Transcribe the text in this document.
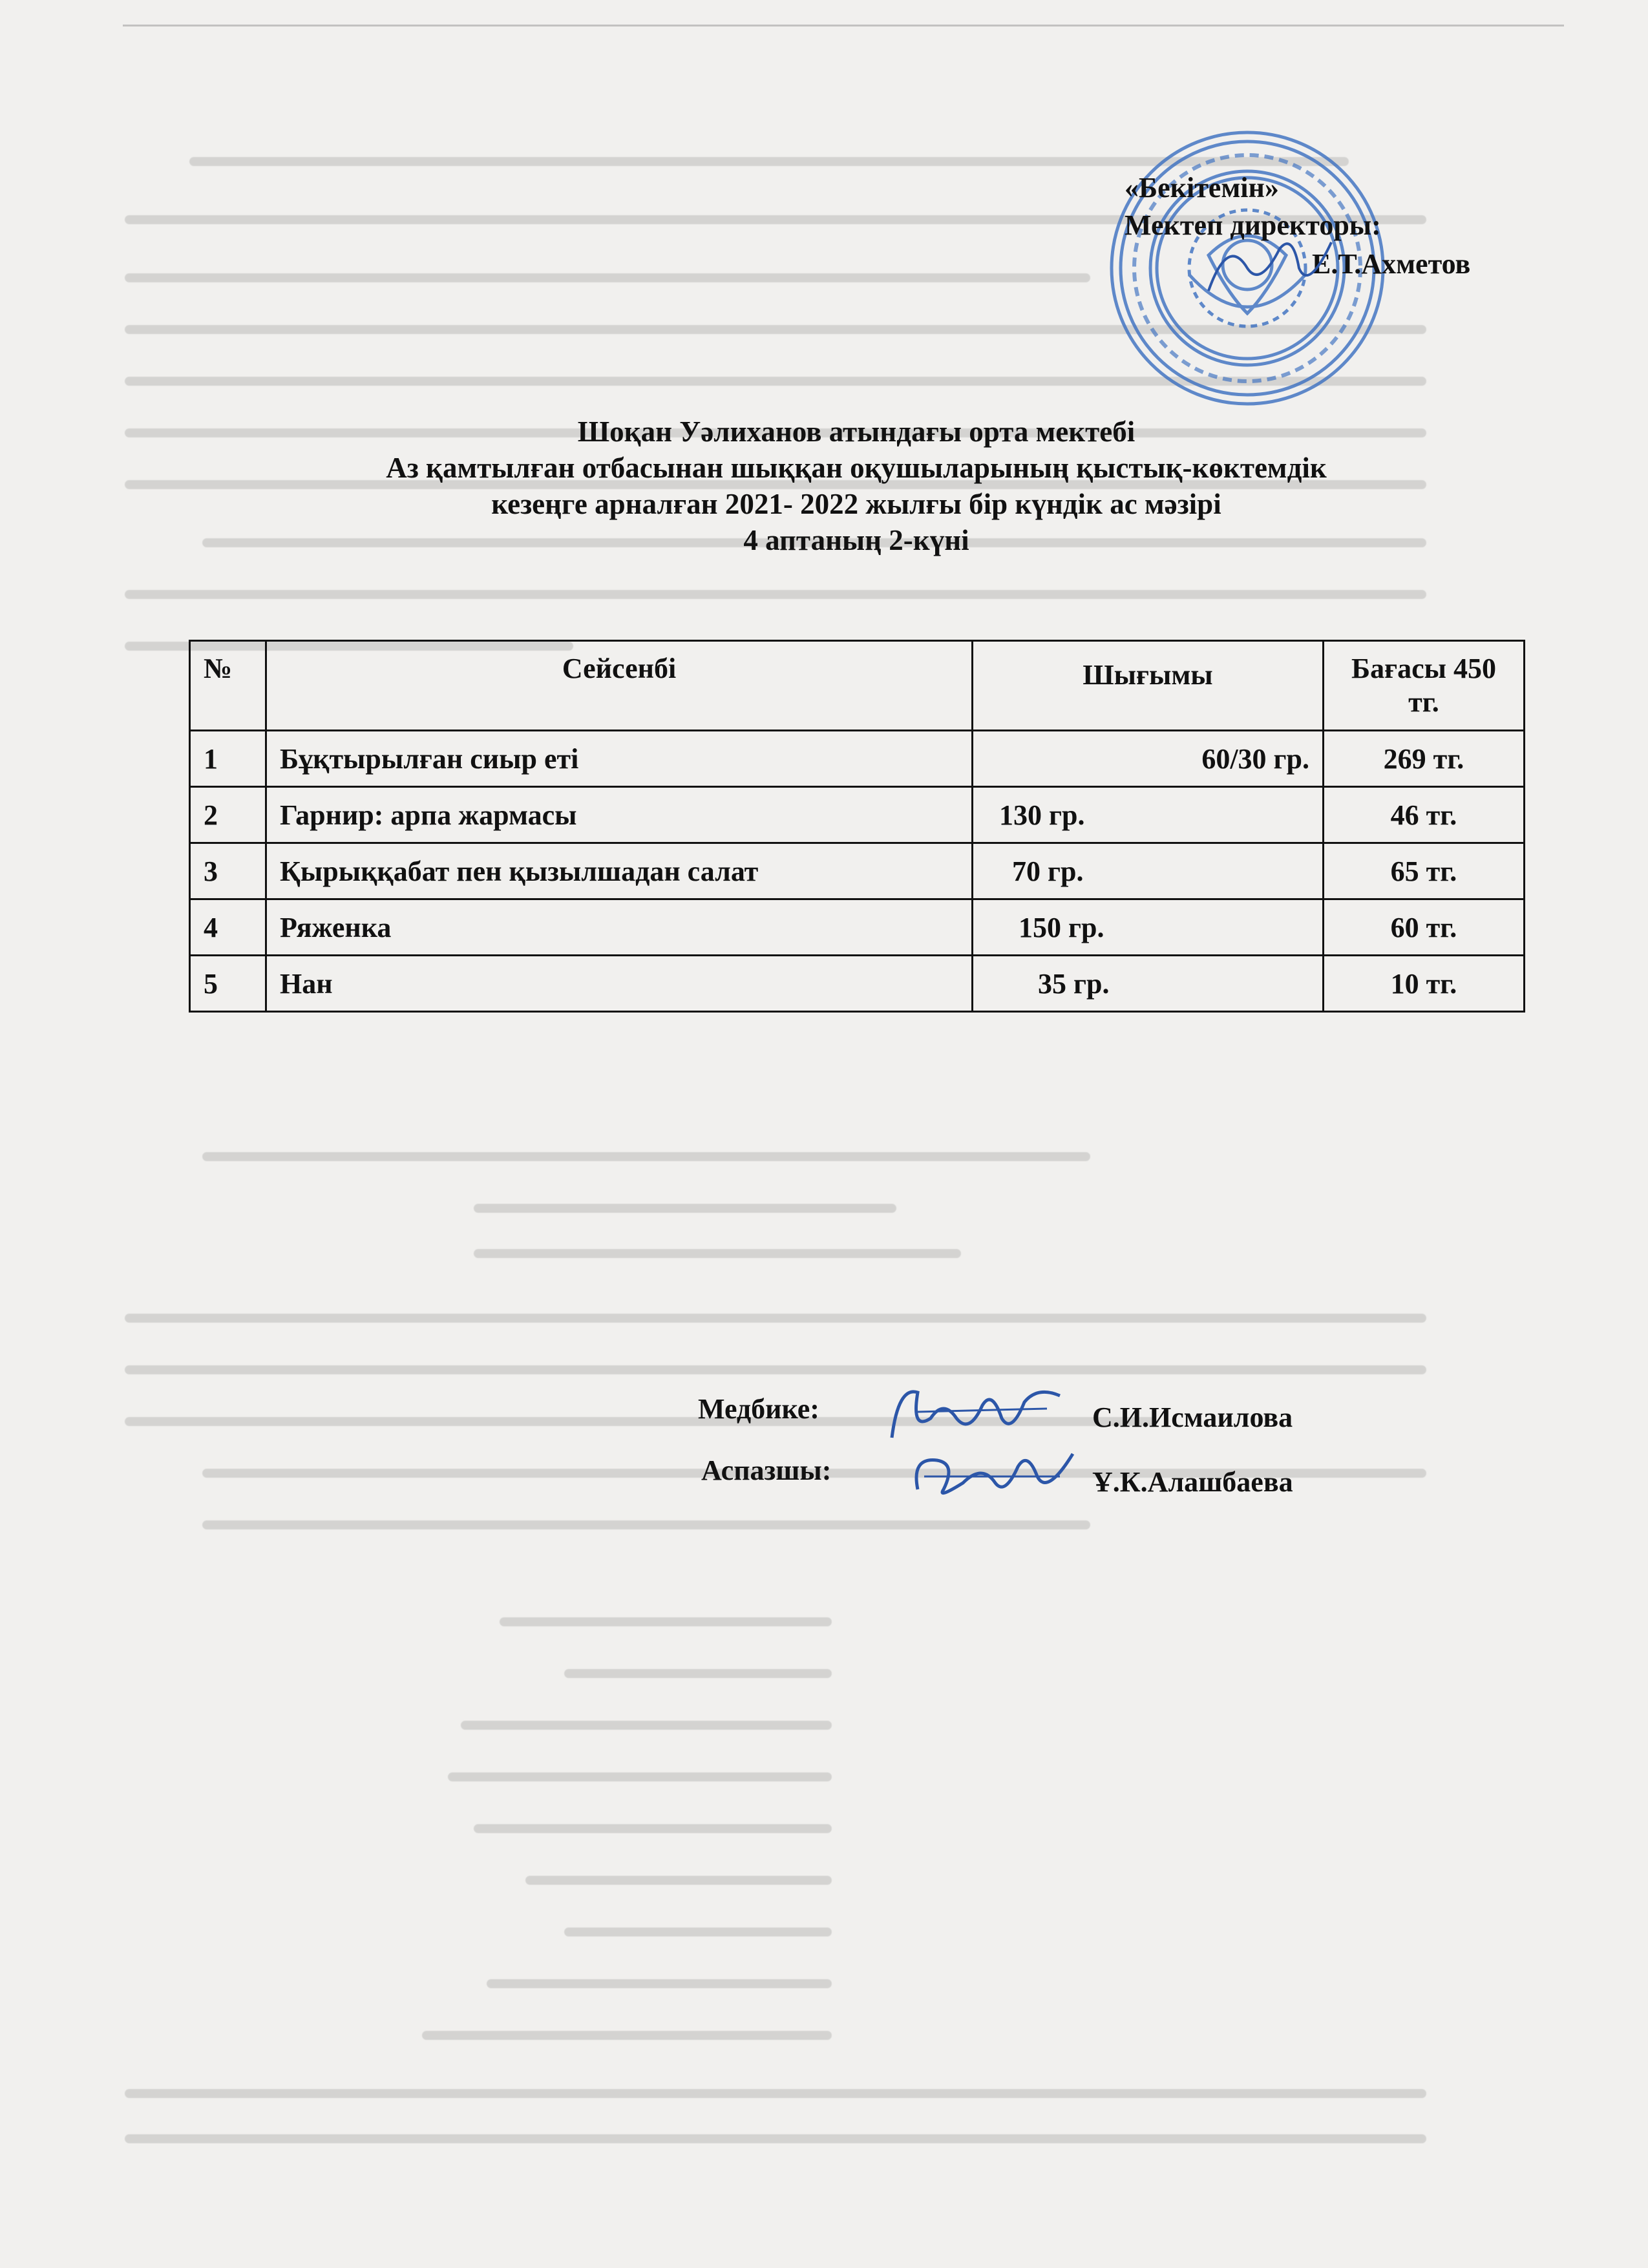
«Бекітемін»
Мектеп директоры:
Е.Т.Ахметов
Шоқан Уәлиханов атындағы орта мектебі
Аз қамтылған отбасынан шыққан оқушыларының қыстық-көктемдік
кезеңге арналған 2021- 2022 жылғы бір күндік ас мәзірі
4 аптаның 2-күні
№	Сейсенбі	Шығымы	Бағасы 450 тг.
1	Бұқтырылған сиыр еті	60/30 гр.	269 тг.
2	Гарнир: арпа жармасы	130 гр.	46 тг.
3	Қырыққабат пен қызылшадан салат	70 гр.	65 тг.
4	Ряженка	150 гр.	60 тг.
5	Нан	35 гр.	10 тг.
Медбике:	С.И.Исмаилова
Аспазшы:	Ұ.К.Алашбаева
